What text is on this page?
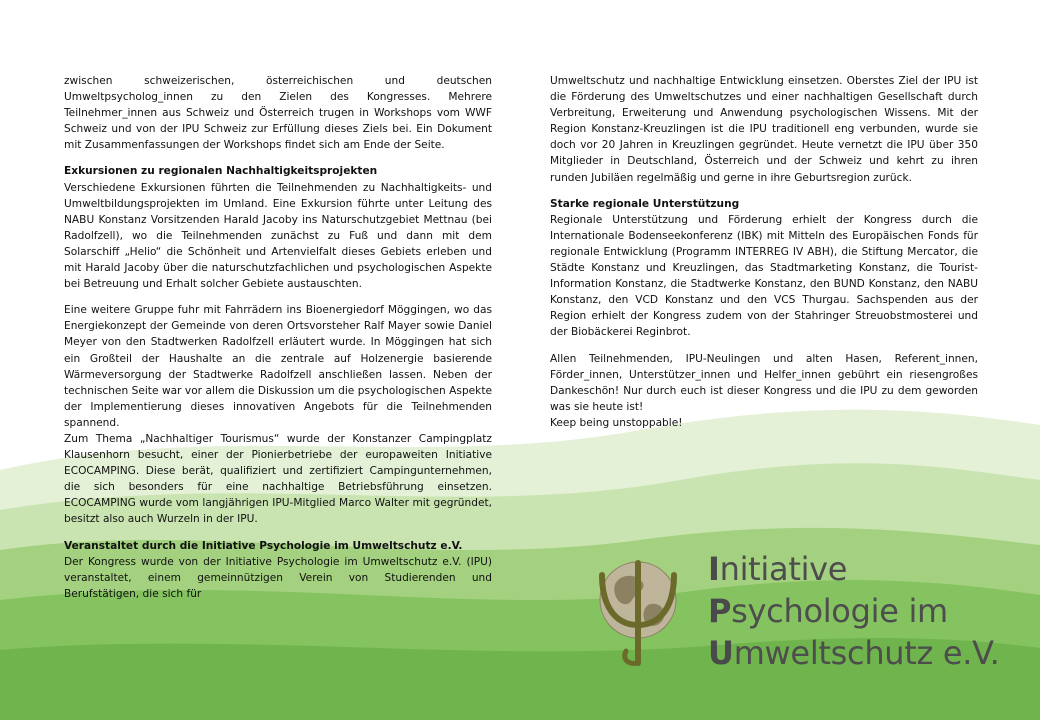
zwischen schweizerischen, österreichischen und deutschen Umweltpsycholog_innen zu den Zielen des Kongresses. Mehrere Teilnehmer_innen aus Schweiz und Österreich trugen in Workshops vom WWF Schweiz und von der IPU Schweiz zur Erfüllung dieses Ziels bei. Ein Dokument mit Zusammenfassungen der Workshops findet sich am Ende der Seite.

Exkursionen zu regionalen Nachhaltigkeitsprojekten

Verschiedene Exkursionen führten die Teilnehmenden zu Nachhaltigkeits- und Umweltbildungsprojekten im Umland. Eine Exkursion führte unter Leitung des NABU Konstanz Vorsitzenden Harald Jacoby ins Naturschutzgebiet Mettnau (bei Radolfzell), wo die Teilnehmenden zunächst zu Fuß und dann mit dem Solarschiff „Helio“ die Schönheit und Artenvielfalt dieses Gebiets erleben und mit Harald Jacoby über die naturschutzfachlichen und psychologischen Aspekte bei Betreuung und Erhalt solcher Gebiete austauschten.

Eine weitere Gruppe fuhr mit Fahrrädern ins Bioenergiedorf Möggingen, wo das Energiekonzept der Gemeinde von deren Ortsvorsteher Ralf Mayer sowie Daniel Meyer von den Stadtwerken Radolfzell erläutert wurde. In Möggingen hat sich ein Großteil der Haushalte an die zentrale auf Holzenergie basierende Wärmeversorgung der Stadtwerke Radolfzell anschließen lassen. Neben der technischen Seite war vor allem die Diskussion um die psychologischen Aspekte der Implementierung dieses innovativen Angebots für die Teilnehmenden spannend.

Zum Thema „Nachhaltiger Tourismus“ wurde der Konstanzer Campingplatz Klausenhorn besucht, einer der Pionierbetriebe der europaweiten Initiative ECOCAMPING. Diese berät, qualifiziert und zertifiziert Campingunternehmen, die sich besonders für eine nachhaltige Betriebsführung einsetzen. ECOCAMPING wurde vom langjährigen IPU-Mitglied Marco Walter mit gegründet, besitzt also auch Wurzeln in der IPU.

Veranstaltet durch die Initiative Psychologie im Umweltschutz e.V.

Der Kongress wurde von der Initiative Psychologie im Umweltschutz e.V. (IPU) veranstaltet, einem gemeinnützigen Verein von Studierenden und Berufstätigen, die sich für

Umweltschutz und nachhaltige Entwicklung einsetzen. Oberstes Ziel der IPU ist die Förderung des Umweltschutzes und einer nachhaltigen Gesellschaft durch Verbreitung, Erweiterung und Anwendung psychologischen Wissens. Mit der Region Konstanz-Kreuzlingen ist die IPU traditionell eng verbunden, wurde sie doch vor 20 Jahren in Kreuzlingen gegründet. Heute vernetzt die IPU über 350 Mitglieder in Deutschland, Österreich und der Schweiz und kehrt zu ihren runden Jubiläen regelmäßig und gerne in ihre Geburtsregion zurück.

Starke regionale Unterstützung

Regionale Unterstützung und Förderung erhielt der Kongress durch die Internationale Bodenseekonferenz (IBK) mit Mitteln des Europäischen Fonds für regionale Entwicklung (Programm INTERREG IV ABH), die Stiftung Mercator, die Städte Konstanz und Kreuzlingen, das Stadtmarketing Konstanz, die Tourist-Information Konstanz, die Stadtwerke Konstanz, den BUND Konstanz, den NABU Konstanz, den VCD Konstanz und den VCS Thurgau. Sachspenden aus der Region erhielt der Kongress zudem von der Stahringer Streuobstmosterei und der Biobäckerei Reginbrot.

Allen Teilnehmenden, IPU-Neulingen und alten Hasen, Referent_innen, Förder_innen, Unterstützer_innen und Helfer_innen gebührt ein riesengroßes Dankeschön! Nur durch euch ist dieser Kongress und die IPU zu dem geworden was sie heute ist!

Keep being unstoppable!

Initiative
Psychologie im
Umweltschutz e.V.
